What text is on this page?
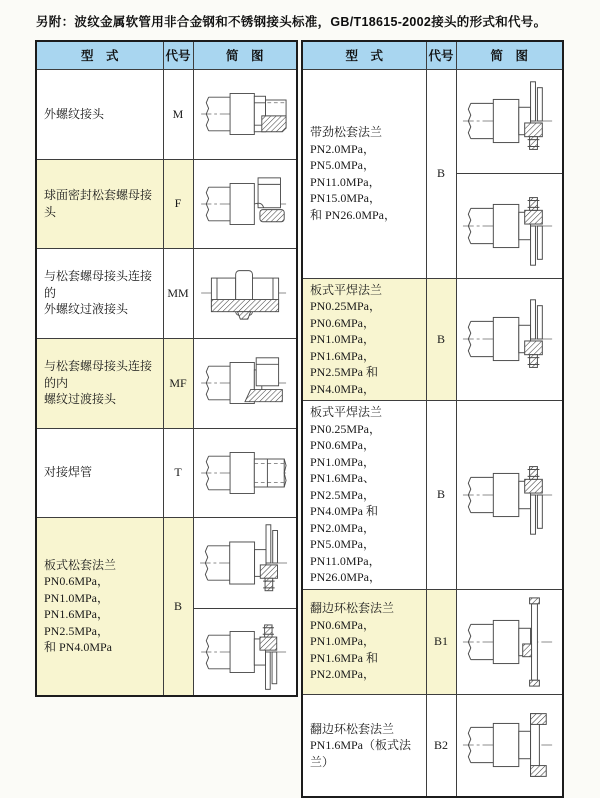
另附：波纹金属软管用非合金钢和不锈钢接头标准，GB/T18615-2002接头的形式和代号。
型　式	代号	简　图

外螺纹接头	M	

球面密封松套螺母接头	F	

与松套螺母接头连接的
外螺纹过液接头	MM	

与松套螺母接头连接的内
螺纹过渡接头	MF	

对接焊管	T	

板式松套法兰
PN0.6MPa，PN1.0MPa，
PN1.6MPa，PN2.5MPa，
和 PN4.0MPa	B	

型　式	代号	简　图

带劲松套法兰
PN2.0MPa，PN5.0MPa，
PN11.0MPa，PN15.0MPa，
和 PN26.0MPa，	B	

板式平焊法兰
PN0.25MPa，PN0.6MPa，
PN1.0MPa，PN1.6MPa，
PN2.5MPa 和 PN4.0MPa，	B	

板式平焊法兰
PN0.25MPa，PN0.6MPa，
PN1.0MPa，PN1.6MPa、
PN2.5MPa，PN4.0MPa 和
PN2.0MPa，PN5.0MPa，
PN11.0MPa，PN26.0MPa，
	B	

翻边环松套法兰
PN0.6MPa，PN1.0MPa，
PN1.6MPa 和 PN2.0MPa，	B1	

翻边环松套法兰
PN1.6MPa（板式法兰）	B2	
